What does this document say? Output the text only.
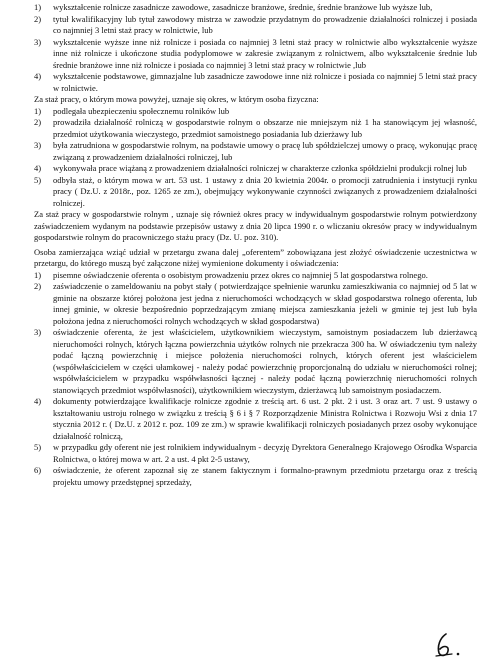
1)	wykształcenie rolnicze zasadnicze zawodowe, zasadnicze branżowe, średnie, średnie branżowe lub wyższe lub,
2)	tytuł kwalifikacyjny lub tytuł zawodowy mistrza w zawodzie przydatnym do prowadzenie działalności rolniczej i posiada co najmniej 3 letni staż pracy w rolnictwie, lub
3)	wykształcenie wyższe inne niż rolnicze i posiada co najmniej 3 letni staż pracy w rolnictwie albo wykształcenie wyższe inne niż rolnicze i ukończone studia podyplomowe w zakresie związanym z rolnictwem, albo wykształcenie średnie lub średnie branżowe inne niż rolnicze i posiada co najmniej 3 letni staż pracy w rolnictwie ,lub
4)	wykształcenie podstawowe, gimnazjalne lub zasadnicze zawodowe inne niż rolnicze i posiada co najmniej 5 letni staż pracy w rolnictwie.

Za staż pracy, o którym mowa powyżej, uznaje się okres, w którym osoba fizyczna:

1)	podlegała ubezpieczeniu społecznemu rolników lub
2)	prowadziła działalność rolniczą w gospodarstwie rolnym o obszarze nie mniejszym niż 1 ha stanowiącym jej własność, przedmiot użytkowania wieczystego, przedmiot samoistnego posiadania lub dzierżawy lub
3)	była zatrudniona w gospodarstwie rolnym, na podstawie umowy o pracę lub spółdzielczej umowy o pracę, wykonując pracę związaną z prowadzeniem działalności rolniczej, lub
4)	wykonywała prace wiążaną z prowadzeniem działalności rolniczej w charakterze członka spółdzielni produkcji rolnej lub
5)	odbyła staż, o którym mowa w art. 53 ust. 1 ustawy z dnia 20 kwietnia 2004r. o promocji zatrudnienia i instytucji rynku pracy ( Dz.U. z 2018r., poz. 1265 ze zm.), obejmujący wykonywanie czynności związanych z prowadzeniem działalności rolniczej.

Za staż pracy w gospodarstwie rolnym , uznaje się również okres pracy w indywidualnym gospodarstwie rolnym potwierdzony zaświadczeniem wydanym na podstawie przepisów ustawy z dnia 20 lipca 1990 r. o wliczaniu okresów pracy w indywidualnym gospodarstwie rolnym do pracowniczego stażu pracy (Dz. U. poz. 310).

Osoba zamierzająca wziąć udział w przetargu zwana dalej „oferentem” zobowiązana jest złożyć oświadczenie uczestnictwa w przetargu, do którego muszą być załączone niżej wymienione dokumenty i oświadczenia:

1)	pisemne oświadczenie oferenta o osobistym prowadzeniu przez okres co najmniej 5 lat gospodarstwa rolnego.
2)	zaświadczenie o zameldowaniu na pobyt stały ( potwierdzające spełnienie warunku zamieszkiwania co najmniej od 5 lat w gminie na obszarze której położona jest jedna z nieruchomości wchodzących w skład gospodarstwa rolnego oferenta, lub innej gminie, w okresie bezpośrednio poprzedzającym zmianę miejsca zamieszkania jeżeli w gminie tej jest lub była położona jedna z nieruchomości rolnych wchodzących w skład gospodarstwa)
3)	oświadczenie oferenta, że jest właścicielem, użytkownikiem wieczystym, samoistnym posiadaczem lub dzierżawcą nieruchomości rolnych, których łączna powierzchnia użytków rolnych nie przekracza 300 ha. W oświadczeniu tym należy podać łączną powierzchnię i miejsce położenia nieruchomości rolnych, których oferent jest właścicielem (współwłaścicielem w części ułamkowej - należy podać powierzchnię proporcjonalną do udziału w nieruchomości rolnej; współwłaścicielem w przypadku współwłasności łącznej - należy podać łączną powierzchnię nieruchomości rolnych stanowiących przedmiot współwłasności), użytkownikiem wieczystym, dzierżawcą lub samoistnym posiadaczem.
4)	dokumenty potwierdzające kwalifikacje rolnicze zgodnie z treścią art. 6 ust. 2 pkt. 2 i ust. 3 oraz art. 7 ust. 9 ustawy o kształtowaniu ustroju rolnego w związku z treścią § 6 i § 7 Rozporządzenie Ministra Rolnictwa i Rozwoju Wsi z dnia 17 stycznia 2012 r. ( Dz.U. z 2012 r. poz. 109 ze zm.) w sprawie kwalifikacji rolniczych posiadanych przez osoby wykonujące działalność rolniczą,
5)	w przypadku gdy oferent nie jest rolnikiem indywidualnym - decyzję Dyrektora Generalnego Krajowego Ośrodka Wsparcia Rolnictwa, o której mowa w art. 2 a ust. 4 pkt 2-5 ustawy,
6)	oświadczenie, że oferent zapoznał się ze stanem faktycznym i formalno-prawnym przedmiotu przetargu oraz z treścią projektu umowy przedstępnej sprzedaży,
